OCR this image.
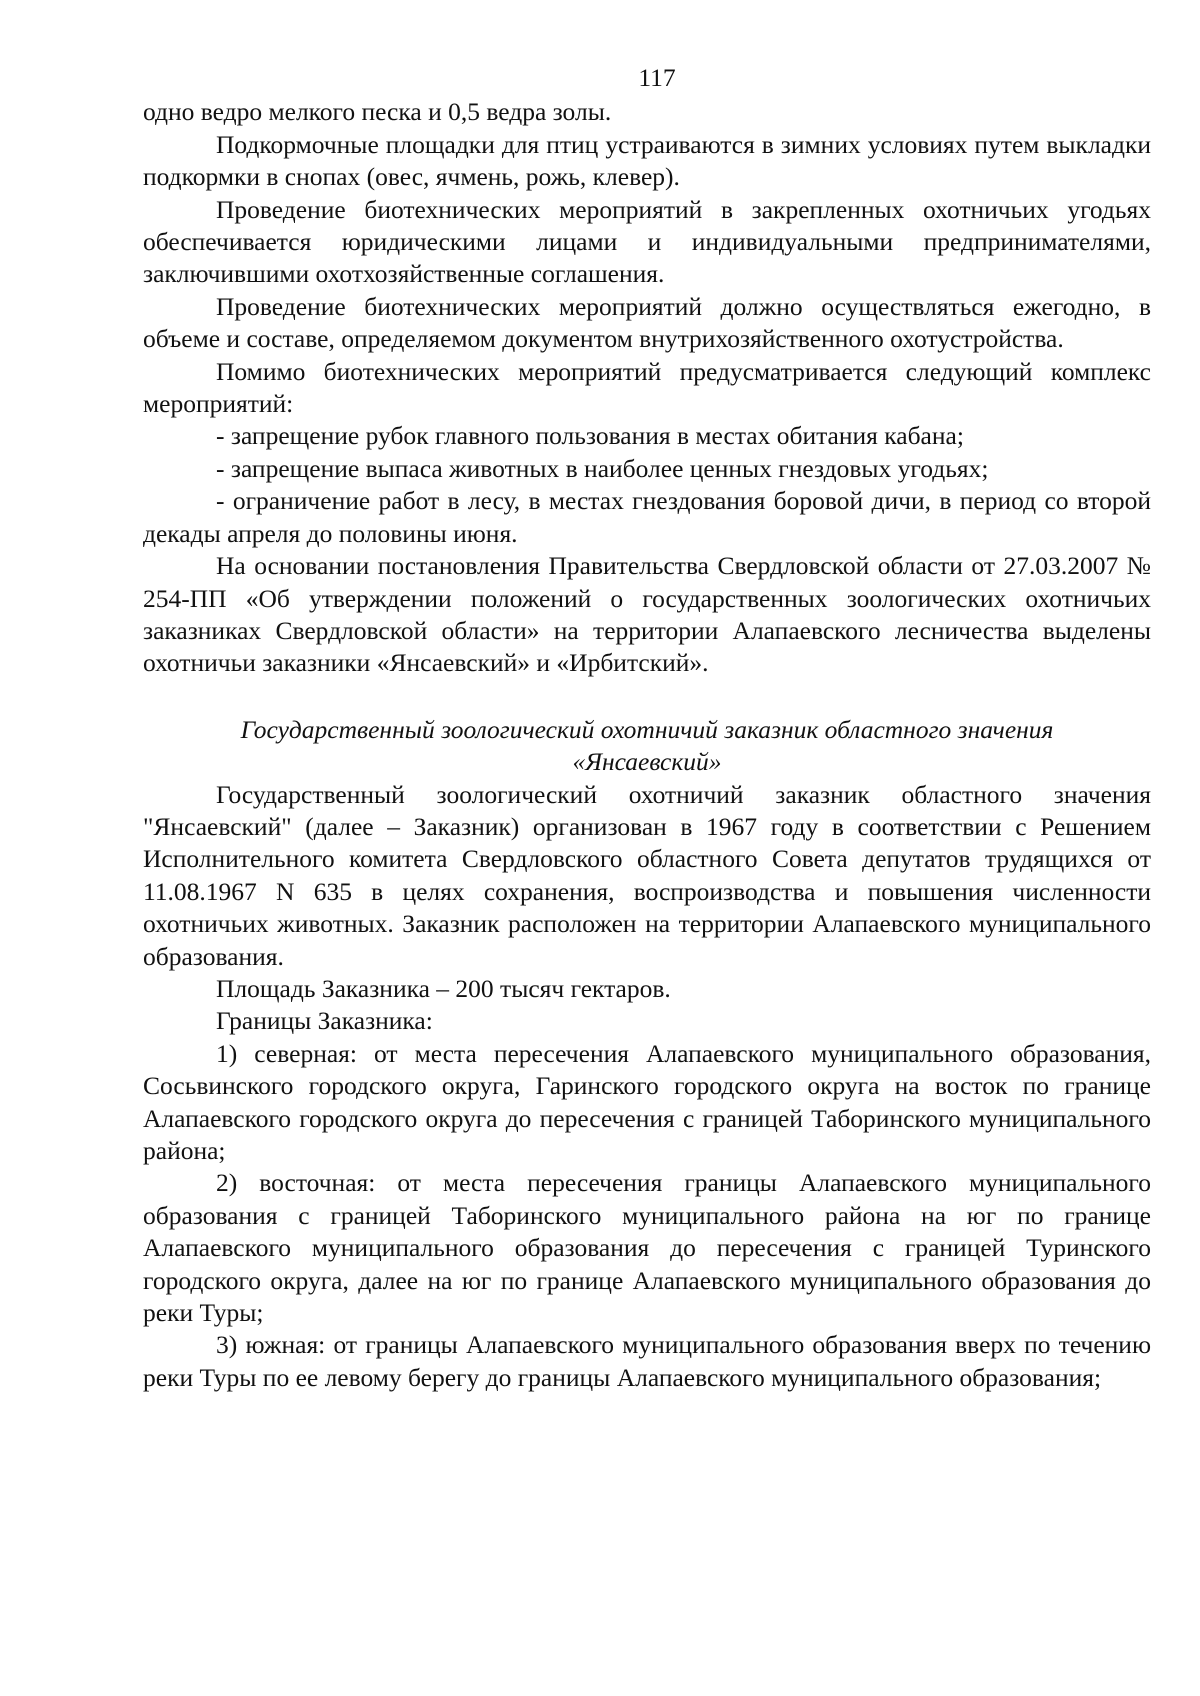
117

одно ведро мелкого песка и 0,5 ведра золы.

Подкормочные площадки для птиц устраиваются в зимних условиях путем выкладки подкормки в снопах (овес, ячмень, рожь, клевер).

Проведение биотехнических мероприятий в закрепленных охотничьих угодьях обеспечивается юридическими лицами и индивидуальными предпринимателями, заключившими охотхозяйственные соглашения.

Проведение биотехнических мероприятий должно осуществляться ежегодно, в объеме и составе, определяемом документом внутрихозяйственного охотустройства.

Помимо биотехнических мероприятий предусматривается следующий комплекс мероприятий:

- запрещение рубок главного пользования в местах обитания кабана;

- запрещение выпаса животных в наиболее ценных гнездовых угодьях;

- ограничение работ в лесу, в местах гнездования боровой дичи, в период со второй декады апреля до половины июня.

На основании постановления Правительства Свердловской области от 27.03.2007 № 254-ПП «Об утверждении положений о государственных зоологических охотничьих заказниках Свердловской области» на территории Алапаевского лесничества выделены охотничьи заказники «Янсаевский» и «Ирбитский».

Государственный зоологический охотничий заказник областного значения
«Янсаевский»

Государственный зоологический охотничий заказник областного значения "Янсаевский" (далее – Заказник) организован в 1967 году в соответствии с Решением Исполнительного комитета Свердловского областного Совета депутатов трудящихся от 11.08.1967 N 635 в целях сохранения, воспроизводства и повышения численности охотничьих животных. Заказник расположен на территории Алапаевского муниципального образования.

Площадь Заказника – 200 тысяч гектаров.

Границы Заказника:

1) северная: от места пересечения Алапаевского муниципального образования, Сосьвинского городского округа, Гаринского городского округа на восток по границе Алапаевского городского округа до пересечения с границей Таборинского муниципального района;

2) восточная: от места пересечения границы Алапаевского муниципального образования с границей Таборинского муниципального района на юг по границе Алапаевского муниципального образования до пересечения с границей Туринского городского округа, далее на юг по границе Алапаевского муниципального образования до реки Туры;

3) южная: от границы Алапаевского муниципального образования вверх по течению реки Туры по ее левому берегу до границы Алапаевского муниципального образования;
